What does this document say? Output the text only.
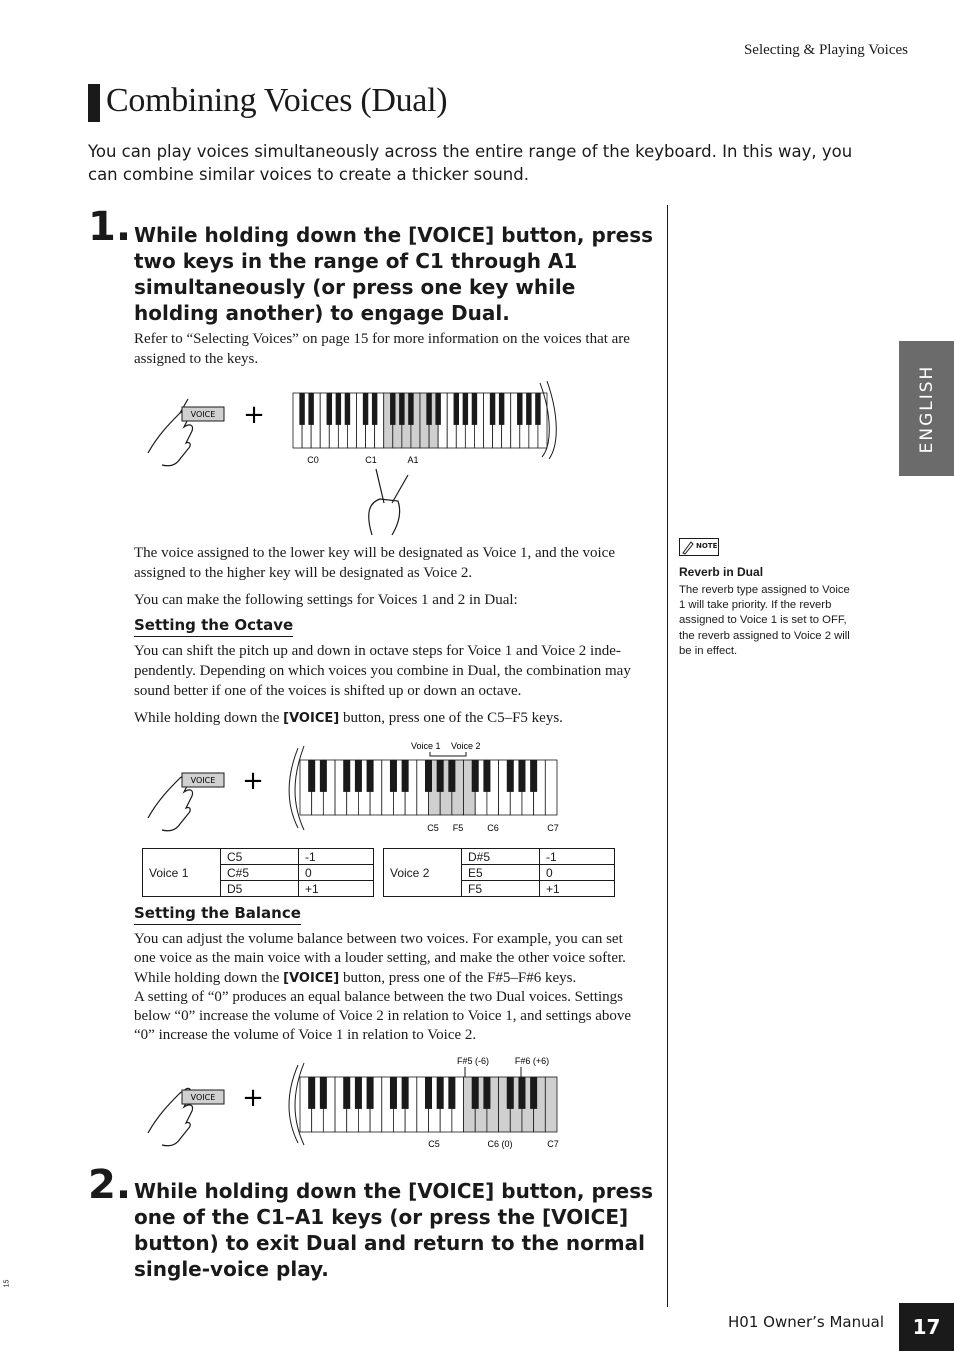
Selecting & Playing Voices
Combining Voices (Dual)

You can play voices simultaneously across the entire range of the keyboard. In this way, you can combine similar voices to create a thicker sound.

1. While holding down the [VOICE] button, press two keys in the range of C1 through A1 simultaneously (or press one key while holding another) to engage Dual.

Refer to “Selecting Voices” on page 15 for more information on the voices that are assigned to the keys.

VOICE +
C0	C1	A1

The voice assigned to the lower key will be designated as Voice 1, and the voice assigned to the higher key will be designated as Voice 2.

You can make the following settings for Voices 1 and 2 in Dual:

Setting the Octave

You can shift the pitch up and down in octave steps for Voice 1 and Voice 2 inde-pendently. Depending on which voices you combine in Dual, the combination may sound better if one of the voices is shifted up or down an octave.

While holding down the [VOICE] button, press one of the C5–F5 keys.

VOICE +
Voice 1 Voice 2
C5 F5	C6	C7
Voice 1	C5	-1
	C#5	0
	D5	+1
Voice 2	D#5	-1
	E5	0
	F5	+1
Setting the Balance

You can adjust the volume balance between two voices. For example, you can set one voice as the main voice with a louder setting, and make the other voice softer.
While holding down the [VOICE] button, press one of the F#5–F#6 keys.
A setting of “0” produces an equal balance between the two Dual voices. Settings below “0” increase the volume of Voice 2 in relation to Voice 1, and settings above “0” increase the volume of Voice 1 in relation to Voice 2.

VOICE +
F#5 (-6)	F#6 (+6)
C5	C6 (0)	C7
2. While holding down the [VOICE] button, press one of the C1–A1 keys (or press the [VOICE] button) to exit Dual and return to the normal single-voice play.
ENGLISH
NOTE
Reverb in Dual

The reverb type assigned to Voice 1 will take priority. If the reverb assigned to Voice 1 is set to OFF, the reverb assigned to Voice 2 will be in effect.

H01 Owner’s Manual	17
15
